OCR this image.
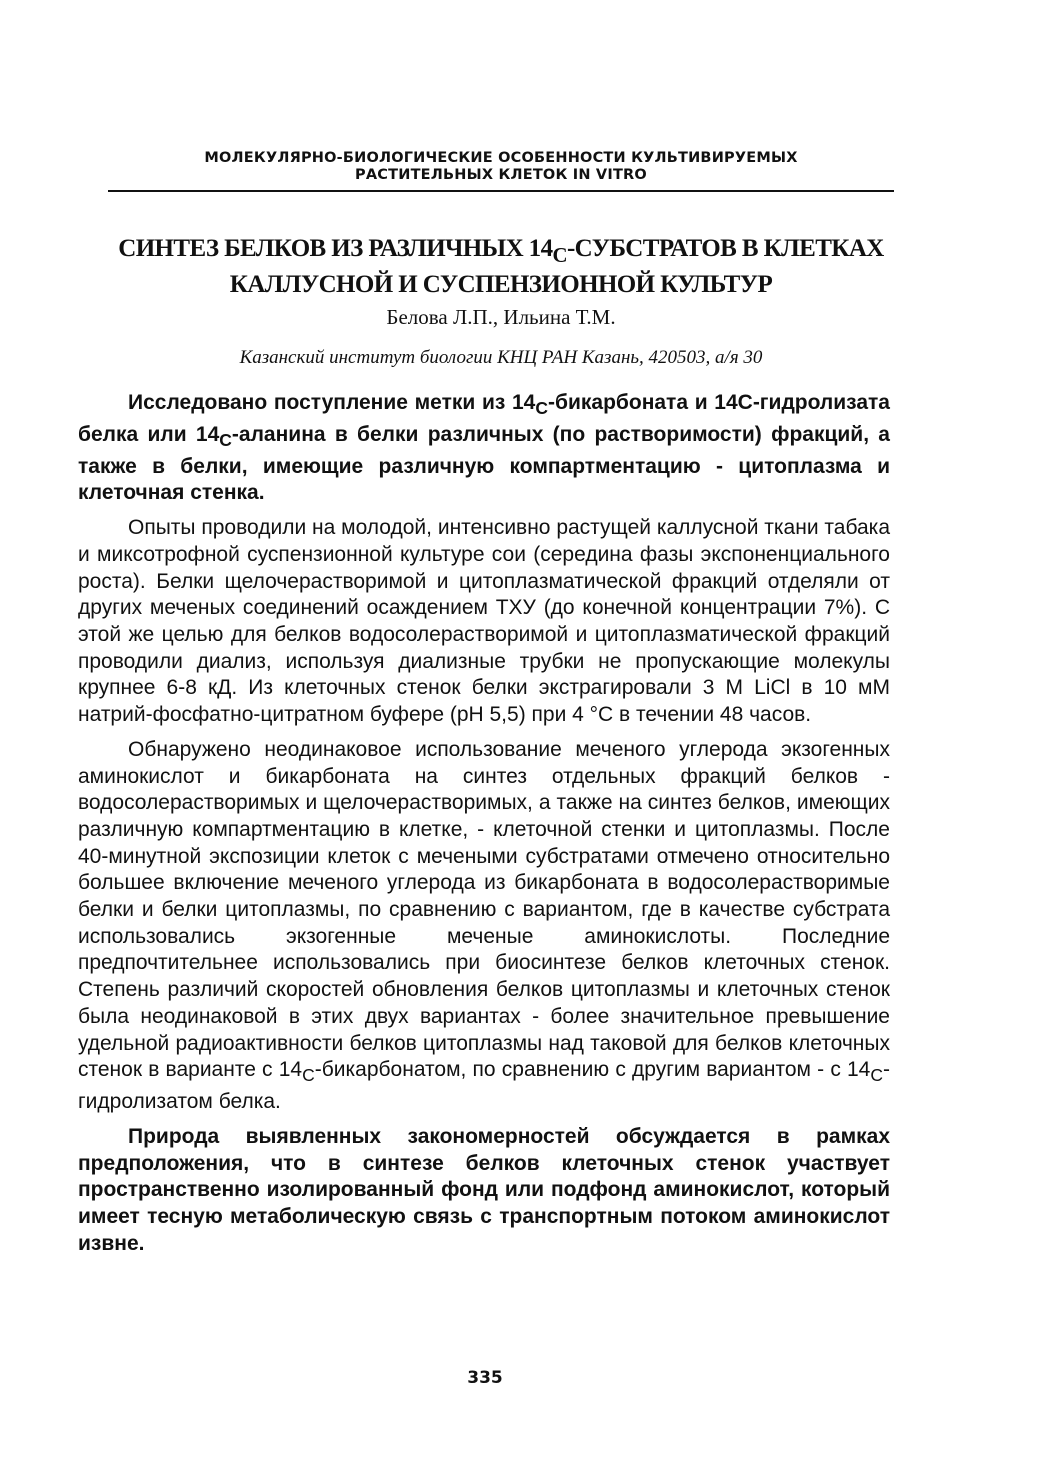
МОЛЕКУЛЯРНО-БИОЛОГИЧЕСКИЕ ОСОБЕННОСТИ КУЛЬТИВИРУЕМЫХ
РАСТИТЕЛЬНЫХ КЛЕТОК IN VITRO
СИНТЕЗ БЕЛКОВ ИЗ РАЗЛИЧНЫХ $14_С$-СУБСТРАТОВ В КЛЕТКАХ
КАЛЛУСНОЙ И СУСПЕНЗИОННОЙ КУЛЬТУР
Белова Л.П., Ильина Т.М.
Казанский институт биологии КНЦ РАН Казань, 420503, а/я 30

Исследовано поступление метки из $14_С$-бикарбоната и 14С-гидролизата белка или $14_С$-аланина в белки различных (по растворимости) фракций, а также в белки, имеющие различную компартментацию - цитоплазма и клеточная стенка.

Опыты проводили на молодой, интенсивно растущей каллусной ткани табака и миксотрофной суспензионной культуре сои (середина фазы экспоненциального роста). Белки щелочерастворимой и цитоплазматической фракций отделяли от других меченых соединений осаждением ТХУ (до конечной концентрации 7%). С этой же целью для белков водосолерастворимой и цитоплазматической фракций проводили диализ, используя диализные трубки не пропускающие молекулы крупнее 6-8 кД. Из клеточных стенок белки экстрагировали 3 М LiCl в 10 мМ натрий-фосфатно-цитратном буфере (рН 5,5) при 4 °С в течении 48 часов.

Обнаружено неодинаковое использование меченого углерода экзогенных аминокислот и бикарбоната на синтез отдельных фракций белков - водосолерастворимых и щелочерастворимых, а также на синтез белков, имеющих различную компартментацию в клетке, - клеточной стенки и цитоплазмы. После 40-минутной экспозиции клеток с мечеными субстратами отмечено относительно большее включение меченого углерода из бикарбоната в водосолерастворимые белки и белки цитоплазмы, по сравнению с вариантом, где в качестве субстрата использовались экзогенные меченые аминокислоты. Последние предпочтительнее использовались при биосинтезе белков клеточных стенок. Степень различий скоростей обновления белков цитоплазмы и клеточных стенок была неодинаковой в этих двух вариантах - более значительное превышение удельной радиоактивности белков цитоплазмы над таковой для белков клеточных стенок в варианте с $14_С$-бикарбонатом, по сравнению с другим вариантом - с $14_С$-гидролизатом белка.

Природа выявленных закономерностей обсуждается в рамках предположения, что в синтезе белков клеточных стенок участвует пространственно изолированный фонд или подфонд аминокислот, который имеет тесную метаболическую связь с транспортным потоком аминокислот извне.

335
